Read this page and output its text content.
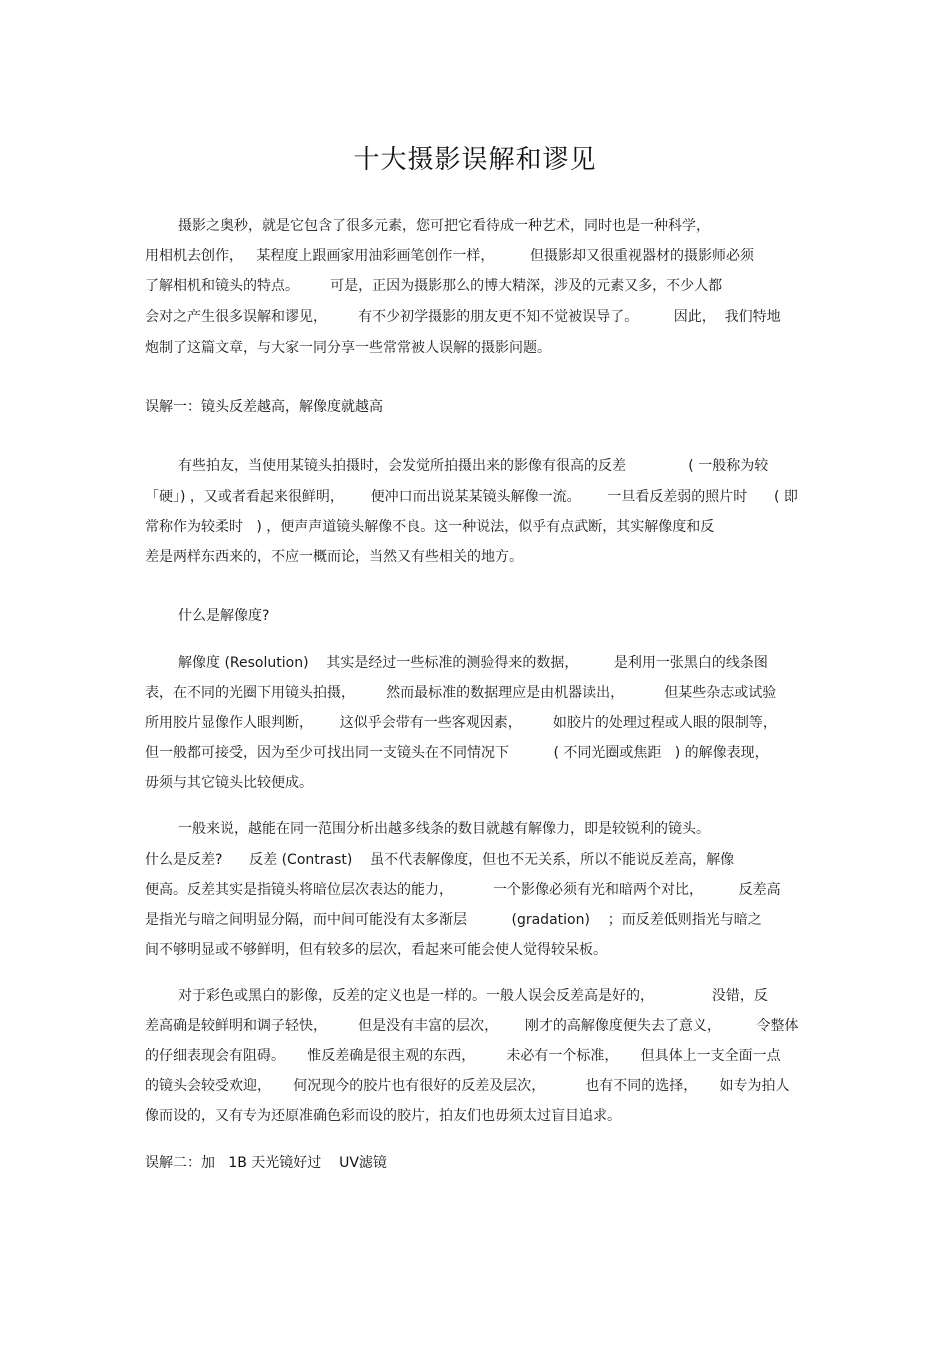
十大摄影误解和谬见
摄影之奥秒，就是它包含了很多元素，您可把它看待成一种艺术，同时也是一种科学，
用相机去创作，   某程度上跟画家用油彩画笔创作一样，        但摄影却又很重视器材的摄影师必须
了解相机和镜头的特点。       可是，正因为摄影那么的博大精深，涉及的元素又多，不少人都
会对之产生很多误解和谬见，       有不少初学摄影的朋友更不知不觉被误导了。        因此，  我们特地
炮制了这篇文章，与大家一同分享一些常常被人误解的摄影问题。
误解一：镜头反差越高，解像度就越高
有些拍友，当使用某镜头拍摄时，会发觉所拍摄出来的影像有很高的反差              ( 一般称为较
「硬」) ，又或者看起来很鲜明，      便冲口而出说某某镜头解像一流。      一旦看反差弱的照片时      ( 即
常称作为较柔时   ) ，便声声道镜头解像不良。这一种说法，似乎有点武断，其实解像度和反
差是两样东西来的，不应一概而论，当然又有些相关的地方。
什么是解像度?
解像度 (Resolution)    其实是经过一些标准的测验得来的数据，        是利用一张黑白的线条图
表，在不同的光圈下用镜头拍摄，       然而最标准的数据理应是由机器读出，         但某些杂志或试验
所用胶片显像作人眼判断，      这似乎会带有一些客观因素，       如胶片的处理过程或人眼的限制等，
但一般都可接受，因为至少可找出同一支镜头在不同情况下          ( 不同光圈或焦距   ) 的解像表现，
毋须与其它镜头比较便成。
一般来说，越能在同一范围分析出越多线条的数目就越有解像力，即是较锐利的镜头。
什么是反差?      反差 (Contrast)    虽不代表解像度，但也不无关系，所以不能说反差高，解像
便高。反差其实是指镜头将暗位层次表达的能力，         一个影像必须有光和暗两个对比，        反差高
是指光与暗之间明显分隔，而中间可能没有太多渐层          (gradation)    ；而反差低则指光与暗之
间不够明显或不够鲜明，但有较多的层次，看起来可能会使人觉得较呆板。
对于彩色或黑白的影像，反差的定义也是一样的。一般人误会反差高是好的，             没错，反
差高确是较鲜明和调子轻快，       但是没有丰富的层次，      刚才的高解像度便失去了意义，        令整体
的仔细表现会有阻碍。     惟反差确是很主观的东西，       未必有一个标准，     但具体上一支全面一点
的镜头会较受欢迎，     何况现今的胶片也有很好的反差及层次，         也有不同的选择，     如专为拍人
像而设的，又有专为还原准确色彩而设的胶片，拍友们也毋须太过盲目追求。
误解二：加   1B 天光镜好过    UV滤镜
